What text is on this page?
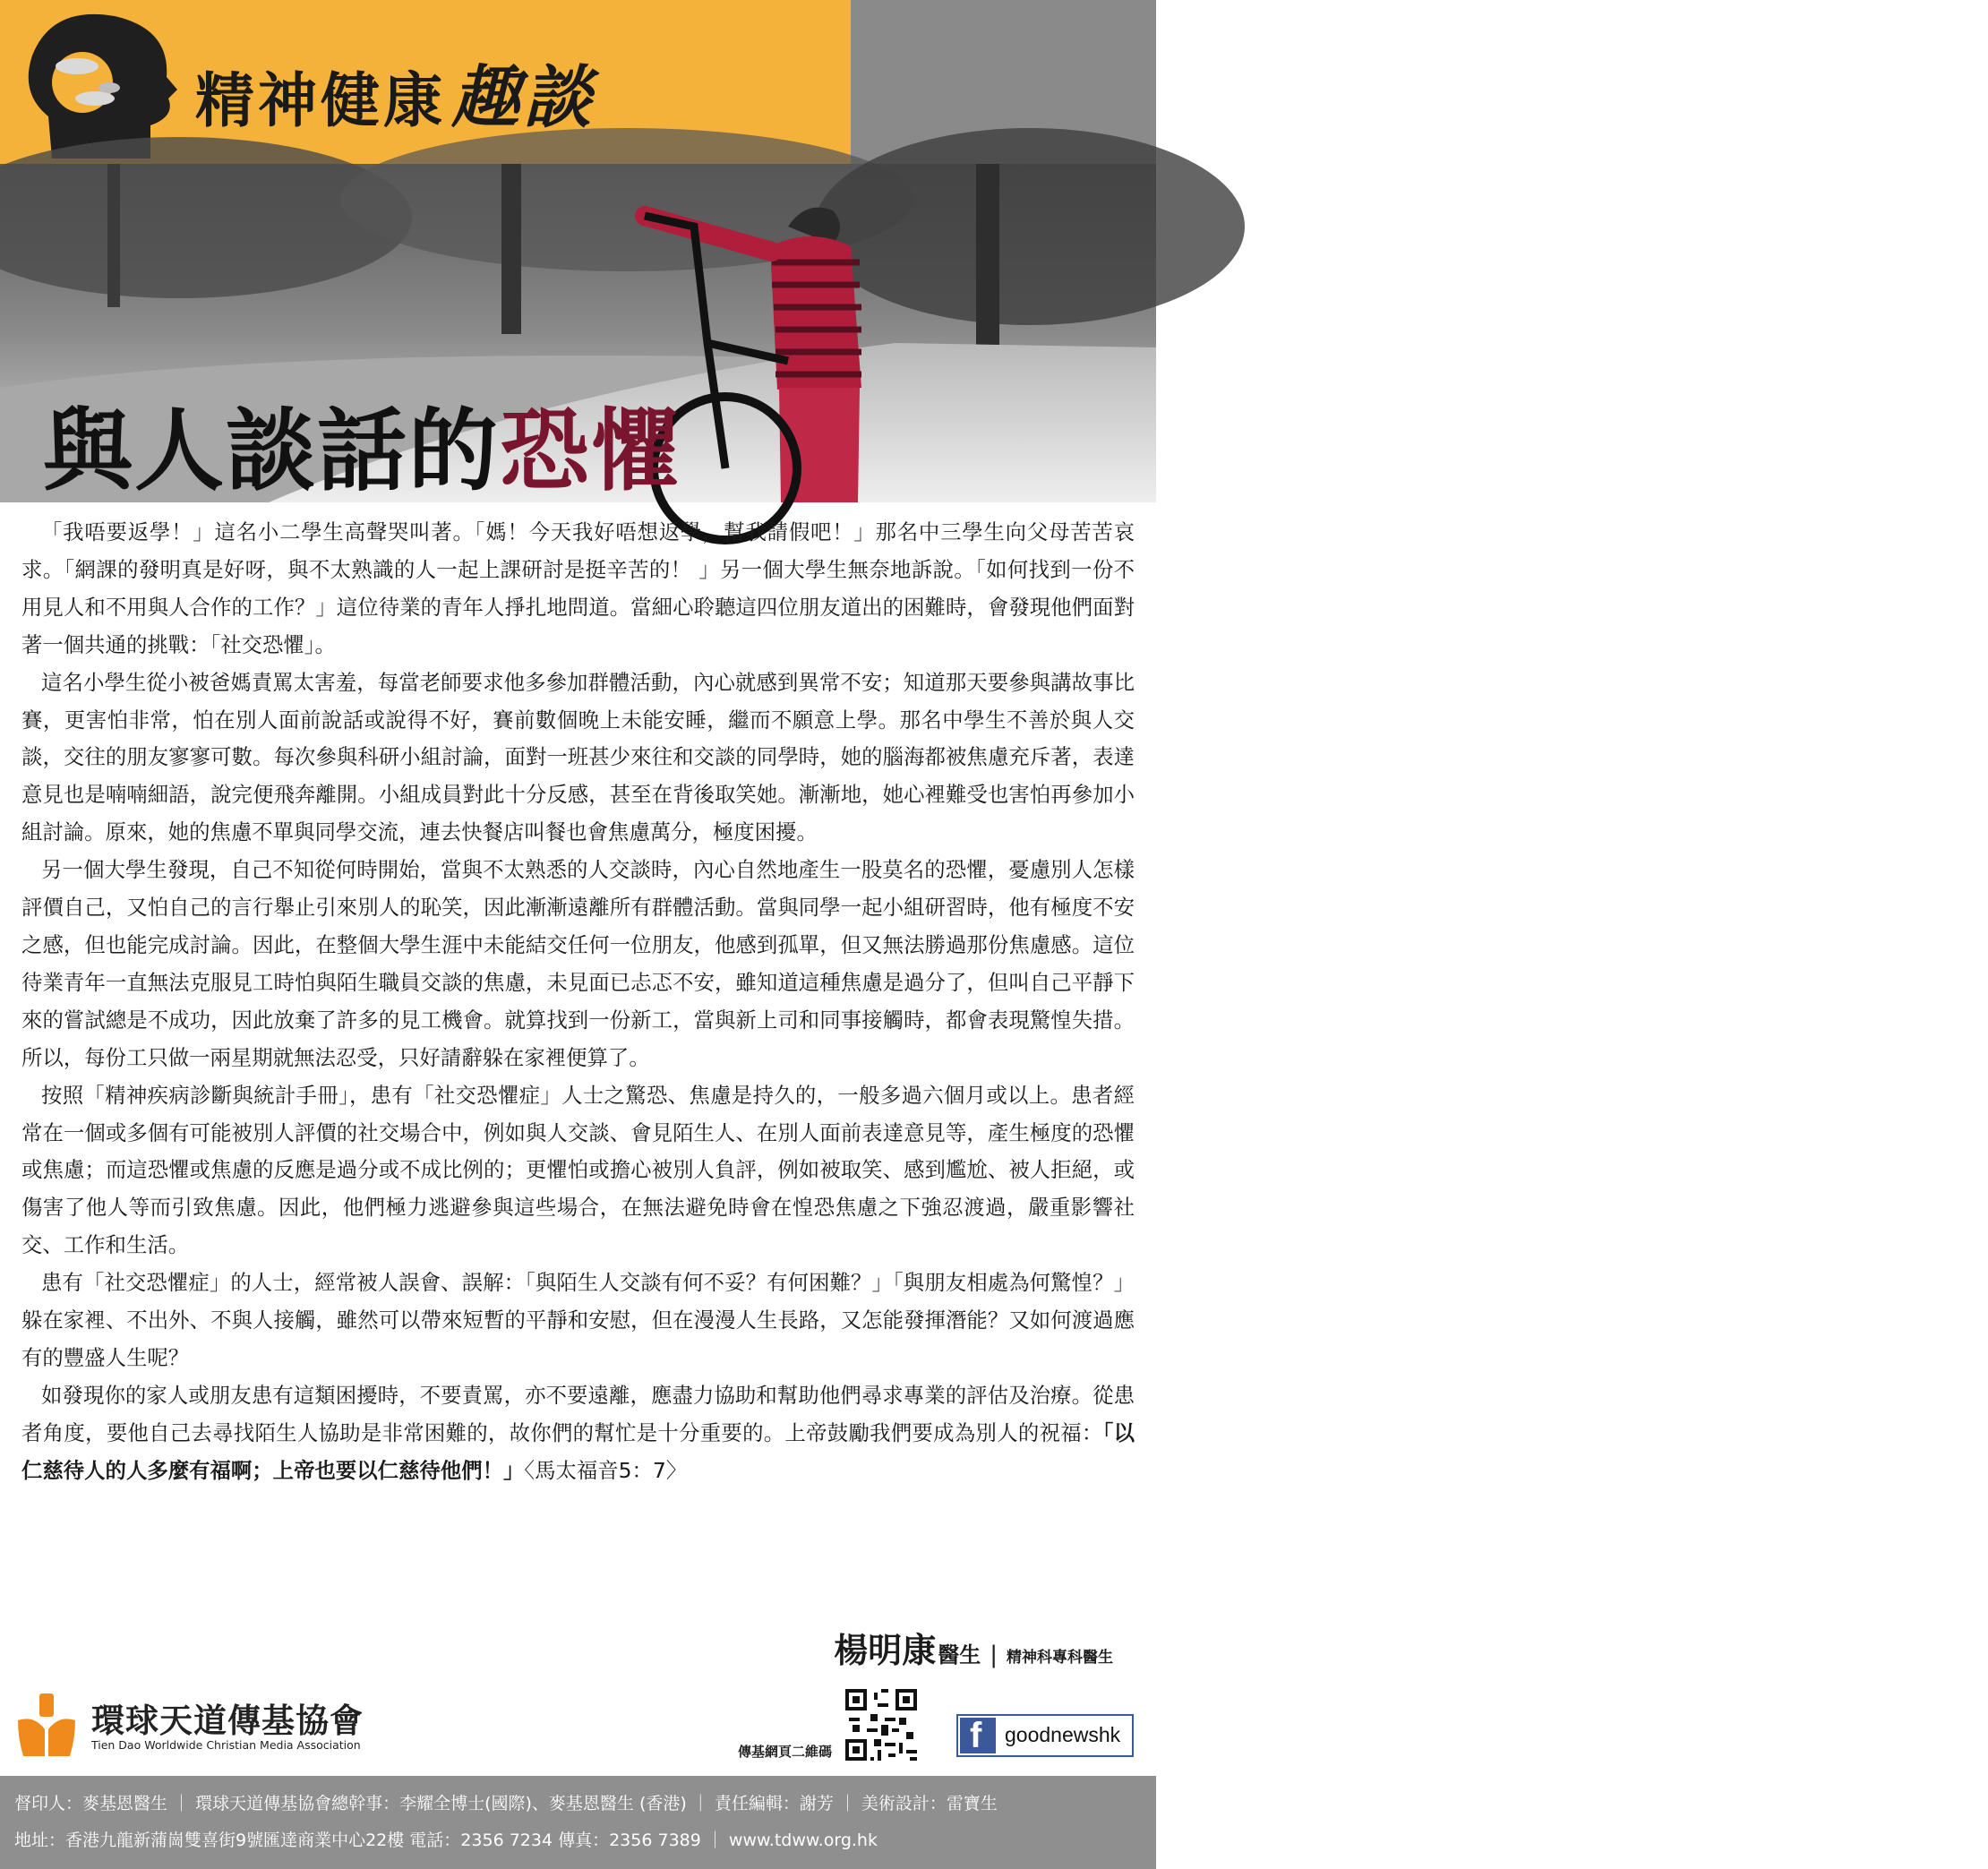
精神健康趣談	談 天 說 道
與人談話的恐懼

「我唔要返學！」這名小二學生高聲哭叫著。「媽！今天我好唔想返學，幫我請假吧！」那名中三學生向父母苦苦哀求。「網課的發明真是好呀，與不太熟識的人一起上課研討是挺辛苦的！ 」另一個大學生無奈地訴說。「如何找到一份不用見人和不用與人合作的工作？」這位待業的青年人掙扎地問道。當細心聆聽這四位朋友道出的困難時，會發現他們面對著一個共通的挑戰：「社交恐懼」。

這名小學生從小被爸媽責罵太害羞，每當老師要求他多參加群體活動，內心就感到異常不安；知道那天要參與講故事比賽，更害怕非常，怕在別人面前說話或說得不好，賽前數個晚上未能安睡，繼而不願意上學。那名中學生不善於與人交談，交往的朋友寥寥可數。每次參與科研小組討論，面對一班甚少來往和交談的同學時，她的腦海都被焦慮充斥著，表達意見也是喃喃細語，說完便飛奔離開。小組成員對此十分反感，甚至在背後取笑她。漸漸地，她心裡難受也害怕再參加小組討論。原來，她的焦慮不單與同學交流，連去快餐店叫餐也會焦慮萬分，極度困擾。

另一個大學生發現，自己不知從何時開始，當與不太熟悉的人交談時，內心自然地產生一股莫名的恐懼，憂慮別人怎樣評價自己，又怕自己的言行舉止引來別人的恥笑，因此漸漸遠離所有群體活動。當與同學一起小組研習時，他有極度不安之感，但也能完成討論。因此，在整個大學生涯中未能結交任何一位朋友，他感到孤單，但又無法勝過那份焦慮感。這位待業青年一直無法克服見工時怕與陌生職員交談的焦慮，未見面已忐忑不安，雖知道這種焦慮是過分了，但叫自己平靜下來的嘗試總是不成功，因此放棄了許多的見工機會。就算找到一份新工，當與新上司和同事接觸時，都會表現驚惶失措。所以，每份工只做一兩星期就無法忍受，只好請辭躲在家裡便算了。

按照「精神疾病診斷與統計手冊」，患有「社交恐懼症」人士之驚恐、焦慮是持久的，一般多過六個月或以上。患者經常在一個或多個有可能被別人評價的社交場合中，例如與人交談、會見陌生人、在別人面前表達意見等，產生極度的恐懼或焦慮；而這恐懼或焦慮的反應是過分或不成比例的；更懼怕或擔心被別人負評，例如被取笑、感到尷尬、被人拒絕，或傷害了他人等而引致焦慮。因此，他們極力逃避參與這些場合，在無法避免時會在惶恐焦慮之下強忍渡過，嚴重影響社交、工作和生活。

患有「社交恐懼症」的人士，經常被人誤會、誤解：「與陌生人交談有何不妥？有何困難？」「與朋友相處為何驚惶？」躲在家裡、不出外、不與人接觸，雖然可以帶來短暫的平靜和安慰，但在漫漫人生長路，又怎能發揮潛能？又如何渡過應有的豐盛人生呢？

如發現你的家人或朋友患有這類困擾時，不要責罵，亦不要遠離，應盡力協助和幫助他們尋求專業的評估及治療。從患者角度，要他自己去尋找陌生人協助是非常困難的，故你們的幫忙是十分重要的。上帝鼓勵我們要成為別人的祝福：「以仁慈待人的人多麼有福啊；上帝也要以仁慈待他們！」〈馬太福音5：7〉

楊明康醫生 | 精神科專科醫生
環球天道傳基協會
Tien Dao Worldwide Christian Media Association	傳基網頁二維碼	f goodnewshk
督印人：麥基恩醫生 ｜ 環球天道傳基協會總幹事：李耀全博士(國際)、麥基恩醫生 (香港) ｜ 責任編輯：謝芳 ｜ 美術設計：雷寶生
地址：香港九龍新蒲崗雙喜街9號匯達商業中心22樓 電話：2356 7234 傳真：2356 7389 ｜ www.tdww.org.hk
